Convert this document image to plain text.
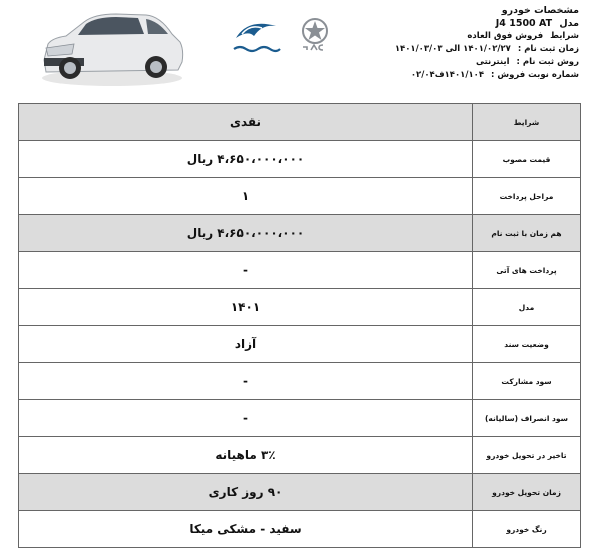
مشخصات خودرو
مدل J4 1500 AT
شرایط فروش فوق العاده
زمان ثبت نام : ۱۴۰۱/۰۲/۲۷ الی ۱۴۰۱/۰۳/۰۳
روش ثبت نام : اینترنتی
شماره نوبت فروش : ۱۴۰۱/۱۰۴ف۰۲/۰۴
شرایط	نقدی
قیمت مصوب	۴،۶۵۰،۰۰۰،۰۰۰ ریال
مراحل پرداخت	۱
هم زمان با ثبت نام	۴،۶۵۰،۰۰۰،۰۰۰ ریال
پرداخت های آتی	-
مدل	۱۴۰۱
وضعیت سند	آزاد
سود مشارکت	-
سود انصراف (سالیانه)	-
تاخیر در تحویل خودرو	۳٪ ماهیانه
زمان تحویل خودرو	۹۰ روز کاری
رنگ خودرو	سفید - مشکی میکا
